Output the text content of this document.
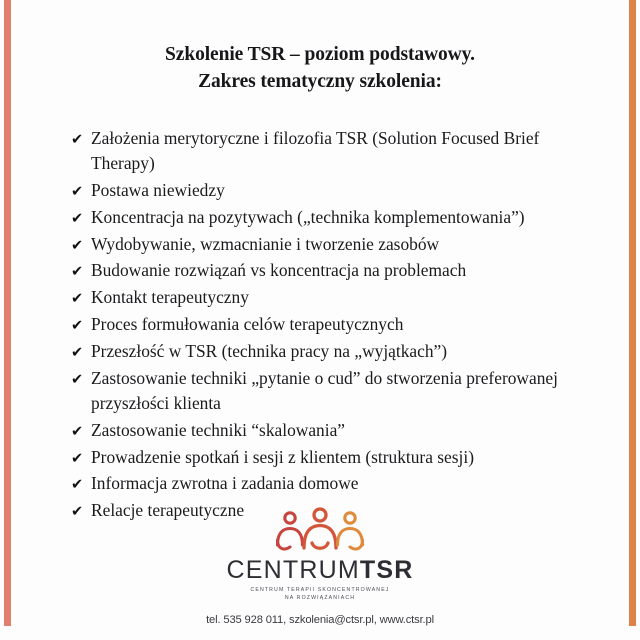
Szkolenie TSR – poziom podstawowy.
Zakres tematyczny szkolenia:
✔ Założenia merytoryczne i filozofia TSR (Solution Focused Brief Therapy)
✔ Postawa niewiedzy
✔ Koncentracja na pozytywach („technika komplementowania”)
✔ Wydobywanie, wzmacnianie i tworzenie zasobów
✔ Budowanie rozwiązań vs koncentracja na problemach
✔ Kontakt terapeutyczny
✔ Proces formułowania celów terapeutycznych
✔ Przeszłość w TSR (technika pracy na „wyjątkach”)
✔ Zastosowanie techniki „pytanie o cud” do stworzenia preferowanej przyszłości klienta
✔ Zastosowanie techniki “skalowania”
✔ Prowadzenie spotkań i sesji z klientem (struktura sesji)
✔ Informacja zwrotna i zadania domowe
✔ Relacje terapeutyczne
CENTRUMTSR
CENTRUM TERAPII SKONCENTROWANEJ
NA ROZWIĄZANIACH
tel. 535 928 011, szkolenia@ctsr.pl, www.ctsr.pl
